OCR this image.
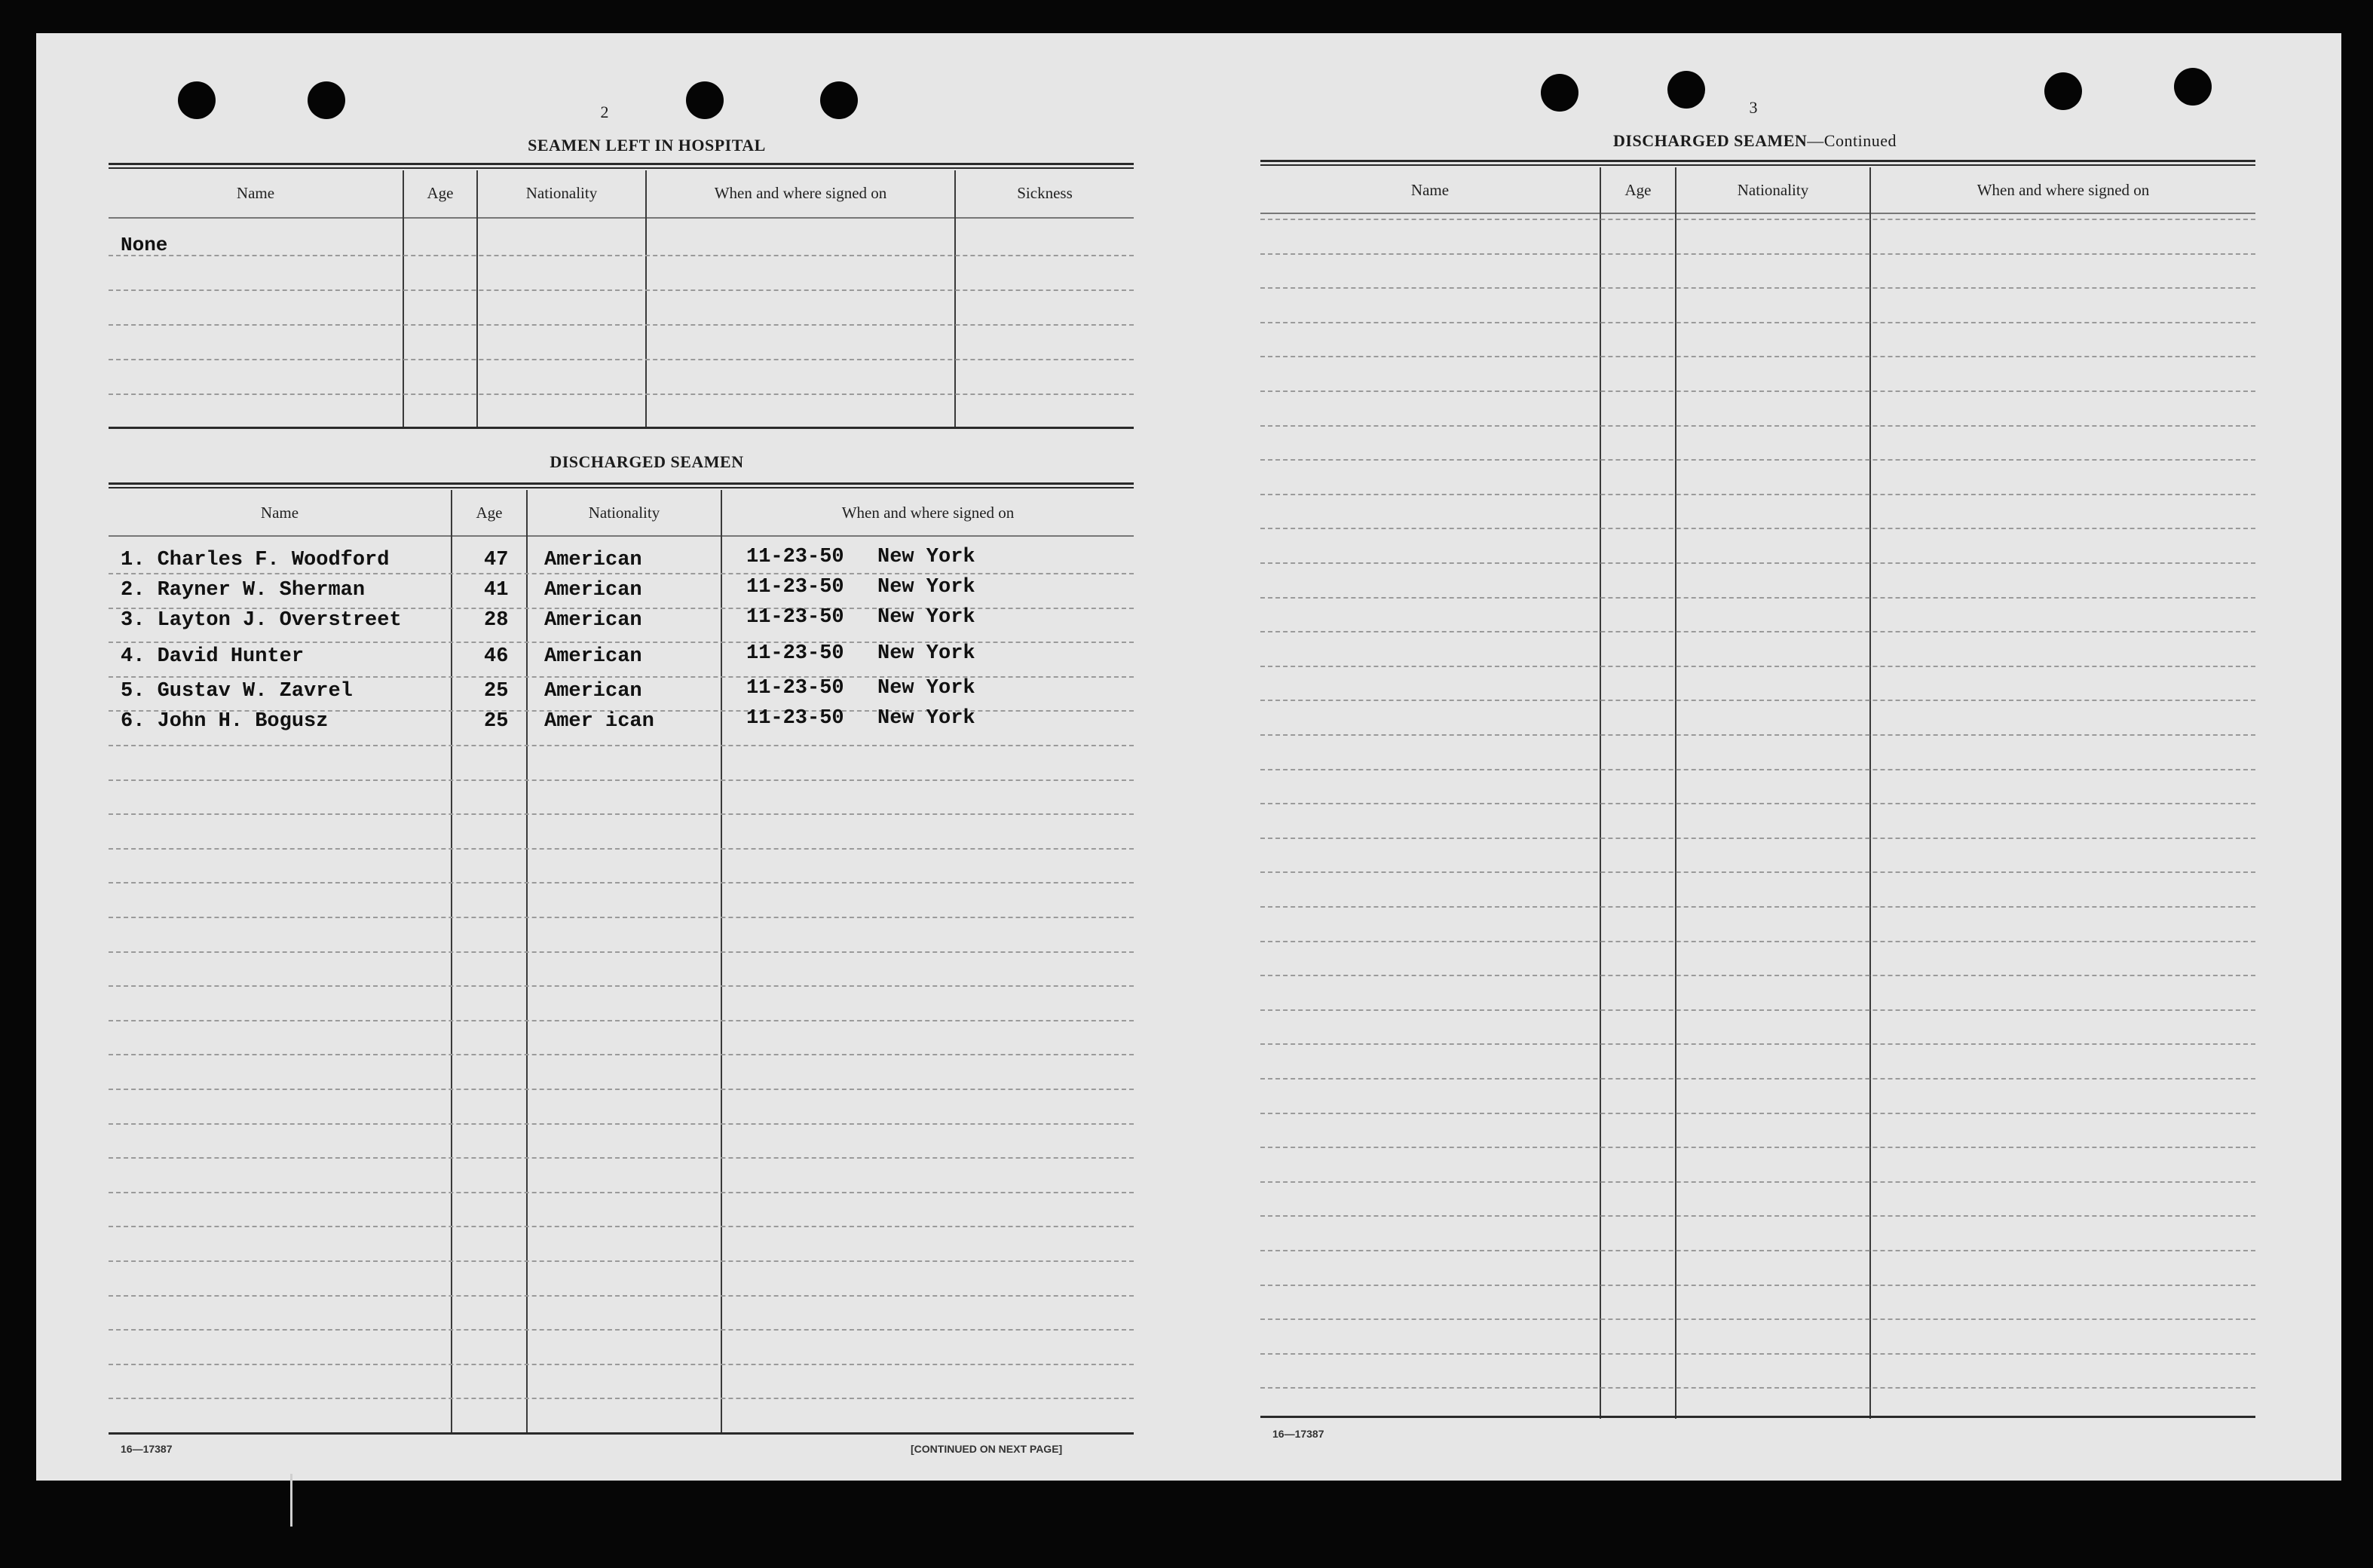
2
SEAMEN LEFT IN HOSPITAL
Name	Age	Nationality	When and where signed on	Sickness
None
DISCHARGED SEAMEN
Name	Age	Nationality	When and where signed on
1. Charles F. Woodford	47 American	11-23-50 New York
2. Rayner W. Sherman	41 American	11-23-50 New York
3. Layton J. Overstreet	28 American	11-23-50 New York
4. David Hunter	46 American	11-23-50 New York
5. Gustav W. Zavrel	25 American	11-23-50 New York
6. John H. Bogusz	25 Amer ican	11-23-50 New York
16—17387	[CONTINUED ON NEXT PAGE]
3
DISCHARGED SEAMEN—Continued
Name	Age	Nationality	When and where signed on
16—17387
